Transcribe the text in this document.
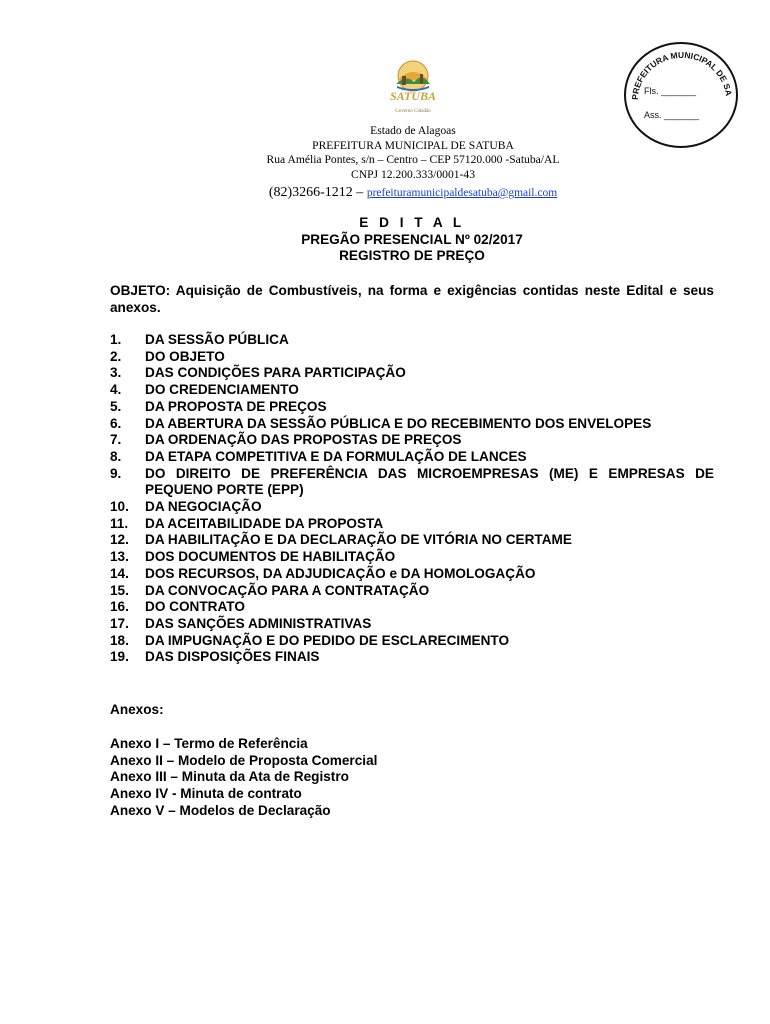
SATUBA
Governo Cidadão
PREFEITURA MUNICIPAL DE SA
Fls. _______
Ass. _______
Estado de Alagoas
PREFEITURA MUNICIPAL DE SATUBA
Rua Amélia Pontes, s/n – Centro – CEP 57120.000 -Satuba/AL
CNPJ 12.200.333/0001-43
(82)3266-1212 – prefeituramunicipaldesatuba@gmail.com
E D I T A L
PREGÃO PRESENCIAL Nº 02/2017
REGISTRO DE PREÇO
OBJETO: Aquisição de Combustíveis, na forma e exigências contidas neste Edital e seus anexos.
1. DA SESSÃO PÚBLICA
2. DO OBJETO
3. DAS CONDIÇÕES PARA PARTICIPAÇÃO
4. DO CREDENCIAMENTO
5. DA PROPOSTA DE PREÇOS
6. DA ABERTURA DA SESSÃO PÚBLICA E DO RECEBIMENTO DOS ENVELOPES
7. DA ORDENAÇÃO DAS PROPOSTAS DE PREÇOS
8. DA ETAPA COMPETITIVA E DA FORMULAÇÃO DE LANCES
9. DO DIREITO DE PREFERÊNCIA DAS MICROEMPRESAS (ME) E EMPRESAS DE PEQUENO PORTE (EPP)
10. DA NEGOCIAÇÃO
11. DA ACEITABILIDADE DA PROPOSTA
12. DA HABILITAÇÃO E DA DECLARAÇÃO DE VITÓRIA NO CERTAME
13. DOS DOCUMENTOS DE HABILITAÇÃO
14. DOS RECURSOS, DA ADJUDICAÇÃO e DA HOMOLOGAÇÃO
15. DA CONVOCAÇÃO PARA A CONTRATAÇÃO
16. DO CONTRATO
17. DAS SANÇÕES ADMINISTRATIVAS
18. DA IMPUGNAÇÃO E DO PEDIDO DE ESCLARECIMENTO
19. DAS DISPOSIÇÕES FINAIS
Anexos:
Anexo I – Termo de Referência
Anexo II – Modelo de Proposta Comercial
Anexo III – Minuta da Ata de Registro
Anexo IV - Minuta de contrato
Anexo V – Modelos de Declaração
